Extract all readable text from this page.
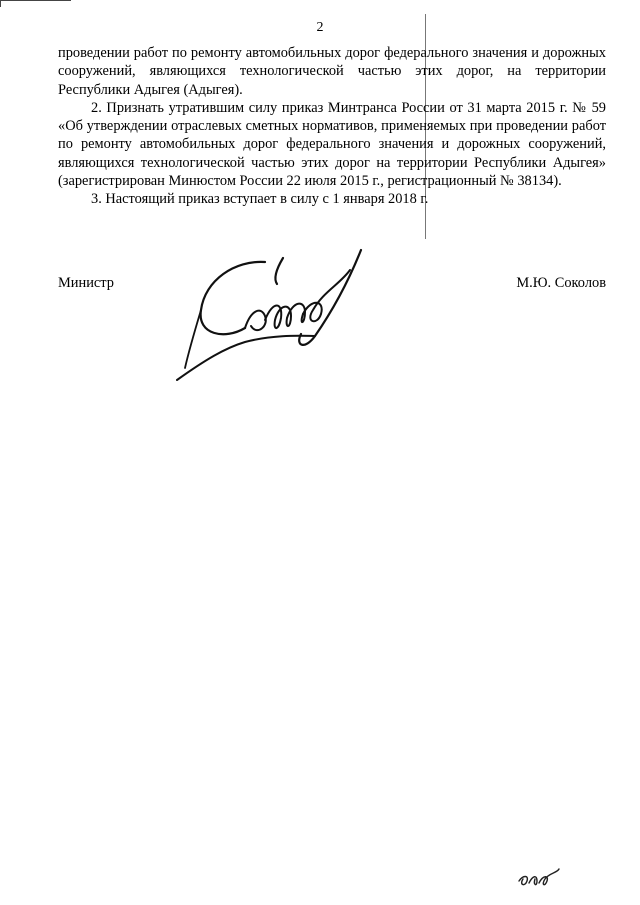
2

проведении работ по ремонту автомобильных дорог федерального значения и дорожных сооружений, являющихся технологической частью этих дорог, на территории Республики Адыгея (Адыгея).

2. Признать утратившим силу приказ Минтранса России от 31 марта 2015 г. № 59 «Об утверждении отраслевых сметных нормативов, применяемых при проведении работ по ремонту автомобильных дорог федерального значения и дорожных сооружений, являющихся технологической частью этих дорог на территории Республики Адыгея» (зарегистрирован Минюстом России 22 июля 2015 г., регистрационный № 38134).

3. Настоящий приказ вступает в силу с 1 января 2018 г.

Министр	М.Ю. Соколов
